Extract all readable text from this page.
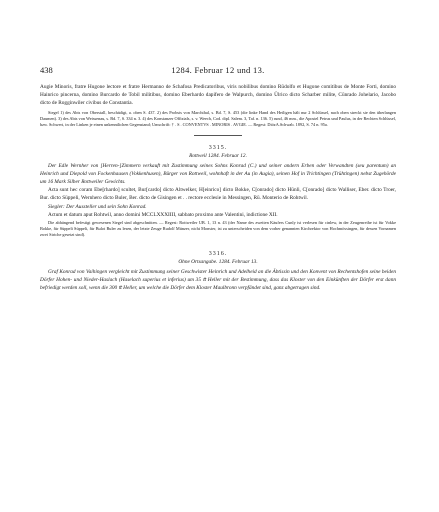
438	1284. Februar 12 und 13.

Augie Minoris, fratre Hugone lectore et fratre Hermanno de Schafosa Predicatoribus, viris nobilibus domino Rūdolfo et Hugone comitibus de Monte Forti, domino Hainrico pincerna, domino Burcardo de Tobil militibus, domino Eberhardo dapifero de Walpurch, domino Ūlrico dicto Scharber milite, Cūnrado Johelario, Jacobo dicto de Rogginwiler civibus de Constantia.

Siegel 1) des Abts von Oberstall, beschädigt, a. oben S. 437. 2) des Probsts von Marchthal, s. Bd. 7, S. 453 (die linke Hand des Heiligen hält nur 2 Schlüssel, nach oben streckt sie den überlangen Daumen). 3) des Abts von Weissenau, s. Bd. 7, S. 334 n. 3. 4) des Konstanzer Offizials, s. v. Weech, Cod. dipl. Salem. 3, Taf. n. 136. 5) rund, 46 mm., die Apostel Petrus und Paulus, in der Rechten Schlüssel, bzw. Schwert, in der Linken je einen unkenntlichen Gegenstand; Umschrift: † . S . CONVENTVS . MINORIS . AVGIE. — Regest: DiözA.Schwab. 1892, S. 74 n. 95a.

3315.
Rottweil 1284. Februar 12.

Der Edle Wernher von [Herren-]Zimmern verkauft mit Zustimmung seines Sohns Konrad (C.) und seiner andern Erben oder Verwandten (seu parentum) an Heinrich und Diepold von Fockenhausen (Vokkenhusen), Bürger von Rottweil, wohnhaft in der Au (in Augia), seinen Hof in Trichtingen (Trühtingen) nebst Zugehörde um 16 Mark Silber Rottweiler Gewichts.

Acta sunt hec coram Ebe[rhardo] scultet, Bur[cardo] dicto Altwelker, H[einrico] dicto Bokke, C[onrado] dicto Hūnli, C[onrado] dicto Walliser, Eber. dicto Troer, Bur. dicto Süppeli, Wernhero dicto Buler, Ber. dicto de Gisingen et . . rectore ecclesie in Messingen, Rū. Monterio de Rohtwil.

Siegler: Der Aussteller und sein Sohn Konrad.

Actum et datum aput Rohtwil, anno domini MCCLXXXIIII, sabbato proximo ante Valentini, indictione XII.

Die abhängend befestigt gewesenen Siegel sind abgeschnitten. — Regest: Rottweiler UB. 1, 13 n. 43 (der Name des zweiten Käufers Cunly ist verlesen für cinlew, in der Zeugenreihe ist für Vokke Bokke, für Süppeli Süppeli, für Bulot Buler zu lesen, der letzte Zeuge Rudolf Münzer, nicht Monster, ist zu unterscheiden von dem vorher genannten Kirchrektor von Hochmössingen, für dessen Vornamen zwei Striche gesetzt sind).

3316.
Ohne Ortsangabe. 1284. Februar 13.

Graf Konrad von Vaihingen vergleicht mit Zustimmung seiner Geschwister Heinrich und Adelheid an die Äbtissin und den Konvent von Rechentshofen seine beiden Dörfer Hohen- und Nieder-Haslach (Haselach superius et inferius) um 35 ₶ Heller mit der Bestimmung, dass das Kloster von den Einkünften der Dörfer erst dann befriedigt werden soll, wenn die 300 ₶ Heller, um welche die Dörfer dem Kloster Maulbronn verpfändet sind, ganz abgetragen sind.
